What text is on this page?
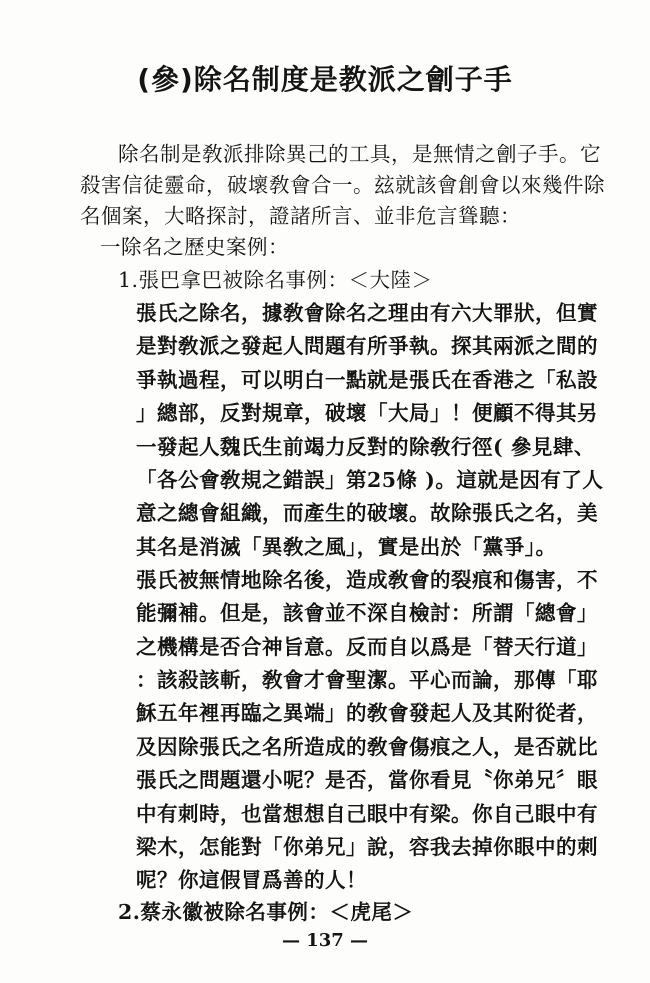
(參)除名制度是教派之劊子手
除名制是敎派排除異己的工具，是無情之劊子手。它
殺害信徒靈命，破壞敎會合一。玆就該會創會以來幾件除
名個案，大略探討，證諸所言、並非危言聳聽：
一除名之歷史案例：
1.張巴拿巴被除名事例：＜大陸＞
張氏之除名，據敎會除名之理由有六大罪狀，但實
是對敎派之發起人問題有所爭執。探其兩派之間的
爭執過程，可以明白一點就是張氏在香港之「私設
」總部，反對規章，破壞「大局」！便顧不得其另
一發起人魏氏生前竭力反對的除敎行徑( 參見肆、
「各公會敎規之錯誤」第25條 )。這就是因有了人
意之總會組織，而產生的破壞。故除張氏之名，美
其名是消滅「異敎之風」，實是出於「黨爭」。
張氏被無情地除名後，造成敎會的裂痕和傷害，不
能彌補。但是，該會並不深自檢討：所謂「總會」
之機構是否合神旨意。反而自以爲是「替天行道」
：該殺該斬，敎會才會聖潔。平心而論，那傳「耶
穌五年裡再臨之異端」的敎會發起人及其附從者，
及因除張氏之名所造成的敎會傷痕之人，是否就比
張氏之問題還小呢？是否，當你看見〝你弟兄〞眼
中有刺時，也當想想自己眼中有梁。你自己眼中有
梁木，怎能對「你弟兄」說，容我去掉你眼中的刺
呢？你這假冒爲善的人！
2.蔡永徽被除名事例：＜虎尾＞
— 137 —
